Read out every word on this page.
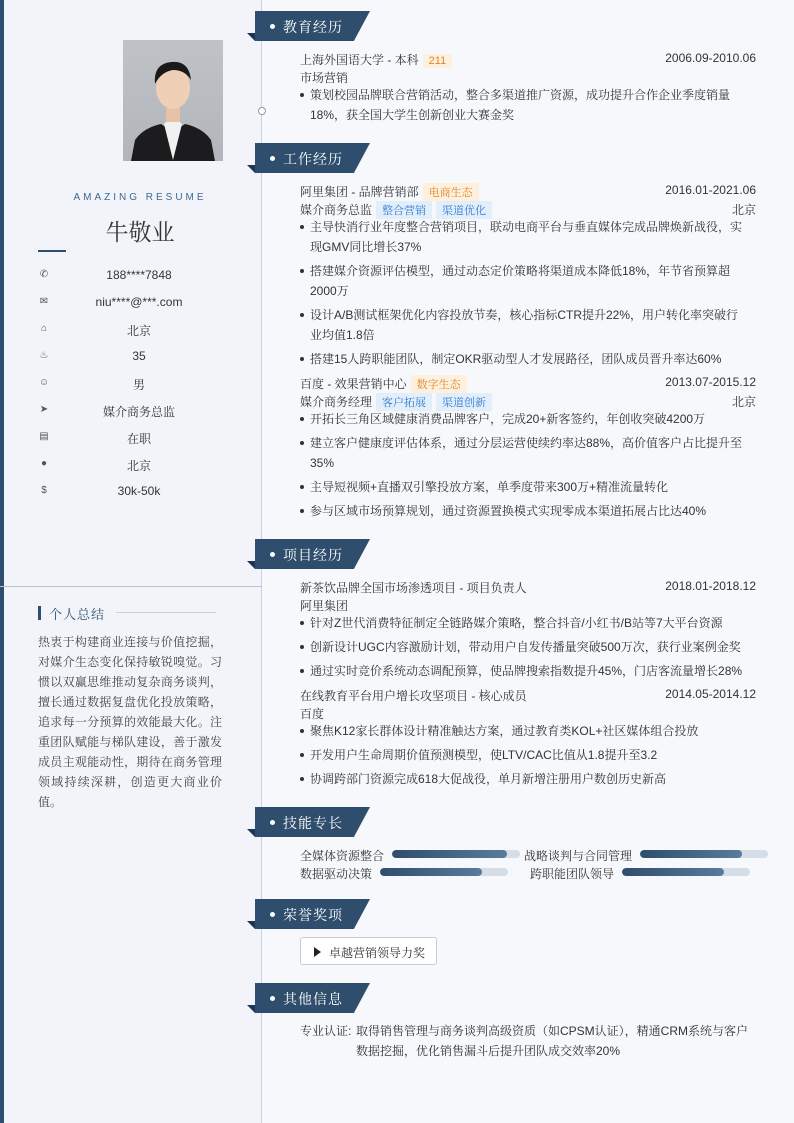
AMAZING RESUME
牛敬业
✆	188****7848
✉	niu****@***.com
⌂	北京
♨	35
☺	男
➤	媒介商务总监
▤	在职
●	北京
$	30k-50k
个人总结
热衷于构建商业连接与价值挖掘，对媒介生态变化保持敏锐嗅觉。习惯以双赢思维推动复杂商务谈判，擅长通过数据复盘优化投放策略，追求每一分预算的效能最大化。注重团队赋能与梯队建设，善于激发成员主观能动性，期待在商务管理领域持续深耕，创造更大商业价值。
教育经历
上海外国语大学 - 本科 211	2006.09-2010.06
市场营销
策划校园品牌联合营销活动，整合多渠道推广资源，成功提升合作企业季度销量18%，获全国大学生创新创业大赛金奖
工作经历
阿里集团 - 品牌营销部 电商生态	2016.01-2021.06
媒介商务总监 整合营销 渠道优化	北京
主导快消行业年度整合营销项目，联动电商平台与垂直媒体完成品牌焕新战役，实现GMV同比增长37%
搭建媒介资源评估模型，通过动态定价策略将渠道成本降低18%，年节省预算超2000万
设计A/B测试框架优化内容投放节奏，核心指标CTR提升22%，用户转化率突破行业均值1.8倍
搭建15人跨职能团队，制定OKR驱动型人才发展路径，团队成员晋升率达60%
百度 - 效果营销中心 数字生态	2013.07-2015.12
媒介商务经理 客户拓展 渠道创新	北京
开拓长三角区域健康消费品牌客户，完成20+新客签约，年创收突破4200万
建立客户健康度评估体系，通过分层运营使续约率达88%，高价值客户占比提升至35%
主导短视频+直播双引擎投放方案，单季度带来300万+精准流量转化
参与区域市场预算规划，通过资源置换模式实现零成本渠道拓展占比达40%
项目经历
新茶饮品牌全国市场渗透项目 - 项目负责人	2018.01-2018.12
阿里集团
针对Z世代消费特征制定全链路媒介策略，整合抖音/小红书/B站等7大平台资源
创新设计UGC内容激励计划，带动用户自发传播量突破500万次，获行业案例金奖
通过实时竞价系统动态调配预算，使品牌搜索指数提升45%，门店客流量增长28%
在线教育平台用户增长攻坚项目 - 核心成员	2014.05-2014.12
百度
聚焦K12家长群体设计精准触达方案，通过教育类KOL+社区媒体组合投放
开发用户生命周期价值预测模型，使LTV/CAC比值从1.8提升至3.2
协调跨部门资源完成618大促战役，单月新增注册用户数创历史新高
技能专长
全媒体资源整合	战略谈判与合同管理
数据驱动决策	跨职能团队领导
荣誉奖项
卓越营销领导力奖
其他信息
专业认证: 取得销售管理与商务谈判高级资质（如CPSM认证），精通CRM系统与客户数据挖掘，优化销售漏斗后提升团队成交效率20%
